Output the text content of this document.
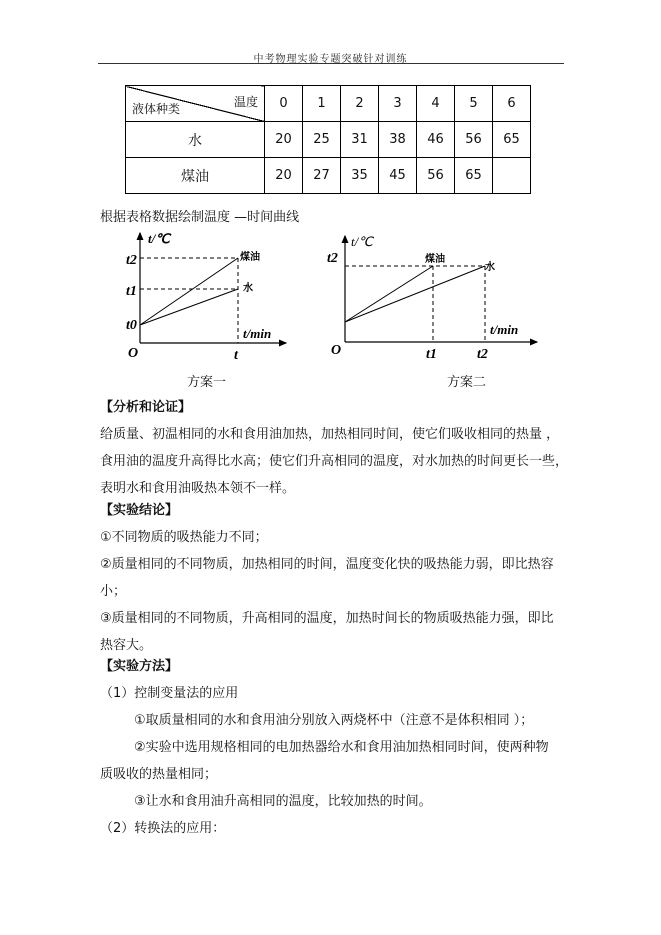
中考物理实验专题突破针对训练
温度
液体种类	0	1	2	3	4	5	6
水	20	25	31	38	46	56	65
煤油	20	27	35	45	56	65	
根据表格数据绘制温度 —时间曲线
t/℃
t/min
t2
t1
t0
t
O
煤油
水
方案一
t/℃
t/min
t2
t1	t2
O
煤油
水
方案二
【分析和论证】
给质量、初温相同的水和食用油加热，加热相同时间，使它们吸收相同的热量 ，
食用油的温度升高得比水高；使它们升高相同的温度，对水加热的时间更长一些，
表明水和食用油吸热本领不一样。
【实验结论】
①不同物质的吸热能力不同；
②质量相同的不同物质，加热相同的时间，温度变化快的吸热能力弱，即比热容
小；
③质量相同的不同物质，升高相同的温度，加热时间长的物质吸热能力强，即比
热容大。
【实验方法】
（1）控制变量法的应用
①取质量相同的水和食用油分别放入两烧杯中（注意不是体积相同 ）；
②实验中选用规格相同的电加热器给水和食用油加热相同时间，使两种物
质吸收的热量相同；
③让水和食用油升高相同的温度，比较加热的时间。
（2）转换法的应用：
